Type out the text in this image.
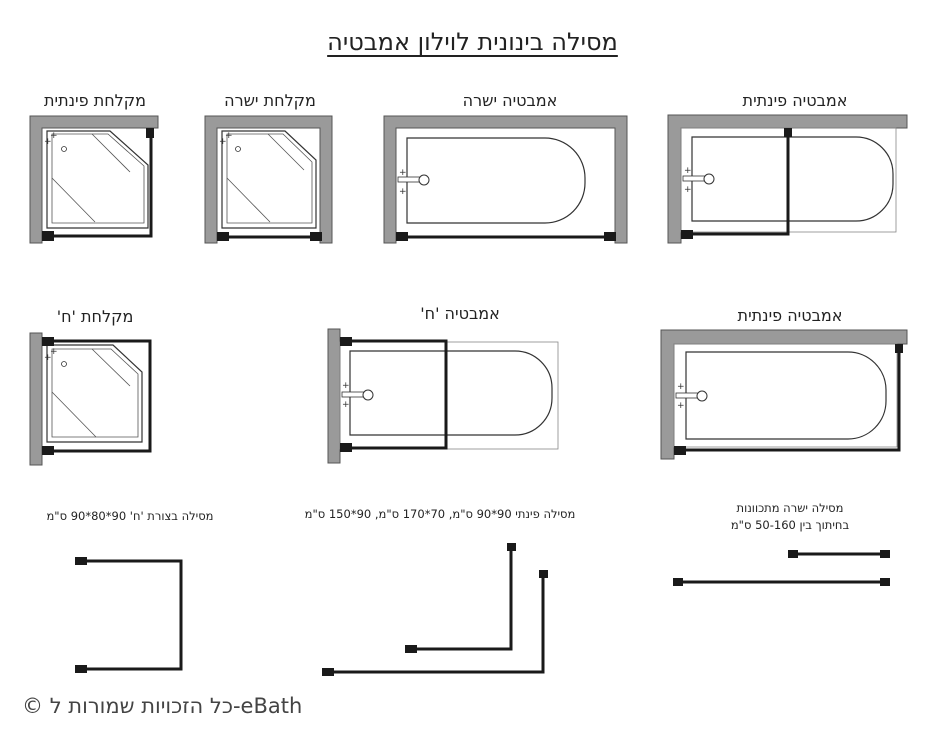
מסילה בינונית לוילון אמבטיה
מקלחת פינתית	מקלחת ישרה	אמבטיה ישרה	אמבטיה פינתית
מקלחת 'ח'	אמבטיה 'ח'	אמבטיה פינתית
מסילה בצורת 'ח' 90*80*90 ס"מ	מסילה פינתי 90*90 ס"מ, 70*170 ס"מ, 90*150 ס"מ	מסילה ישרה מתכוונות
בחיתוך בין 50-160 ס"מ
© כל הזכויות שמורות ל-eBath
+
+
+
+
+
+
+
+
+
+
+
+
+
+
